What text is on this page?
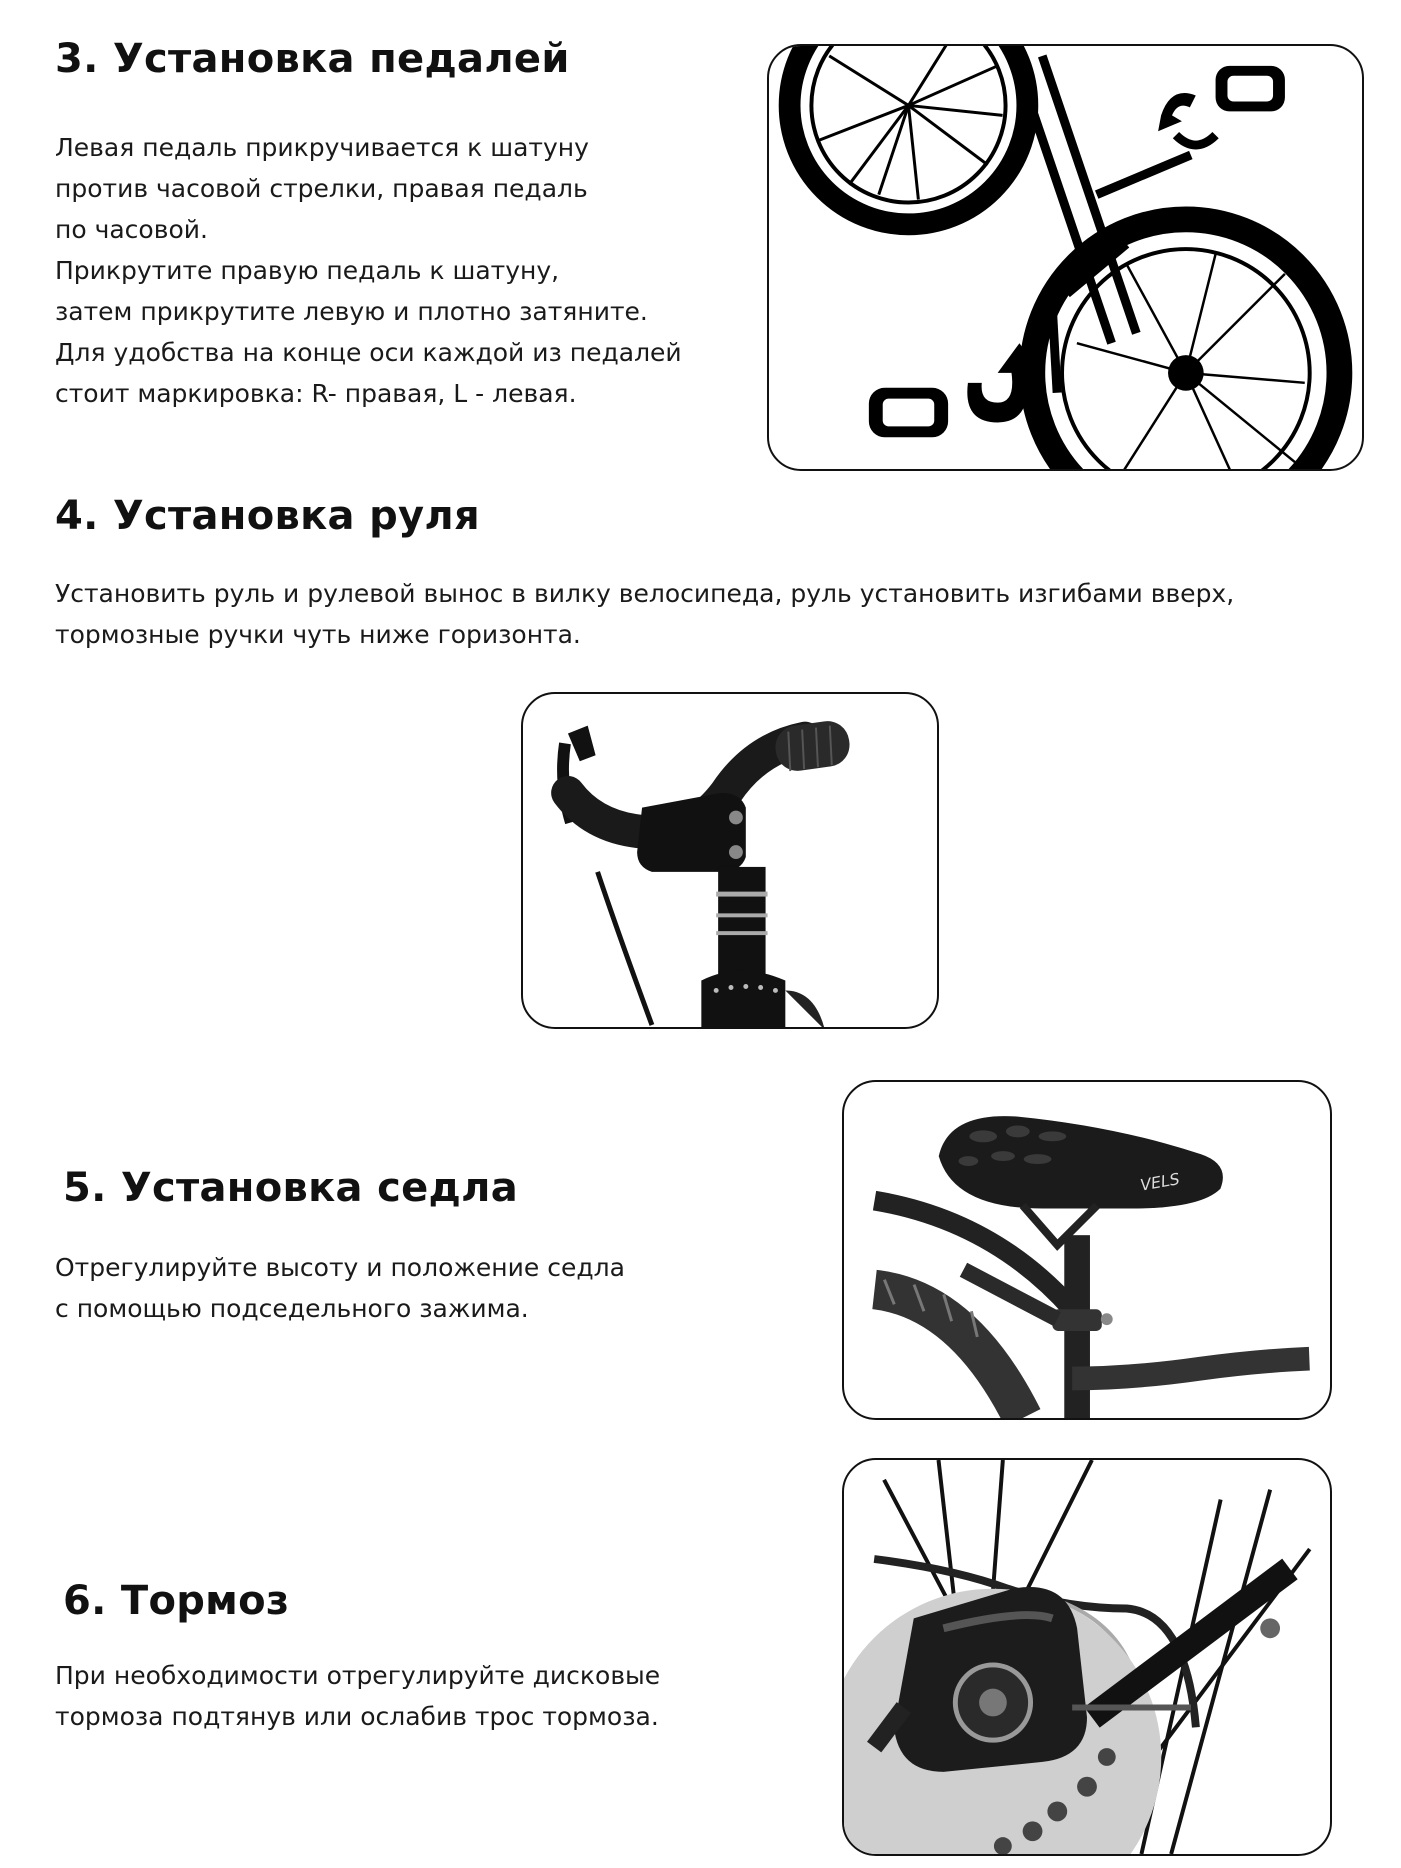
3. Установка педалей
Левая педаль прикручивается к шатуну
против часовой стрелки, правая педаль
по часовой.
Прикрутите правую педаль к шатуну,
затем прикрутите левую и плотно затяните.
Для удобства на конце оси каждой из педалей
стоит маркировка: R- правая, L - левая.
4. Установка руля
Установить руль и рулевой вынос в вилку велосипеда, руль установить изгибами вверх,
тормозные ручки чуть ниже горизонта.
5. Установка седла
Отрегулируйте высоту и положение седла
с помощью подседельного зажима.
VELS
6. Тормоз
При необходимости отрегулируйте дисковые
тормоза подтянув или ослабив трос тормоза.
